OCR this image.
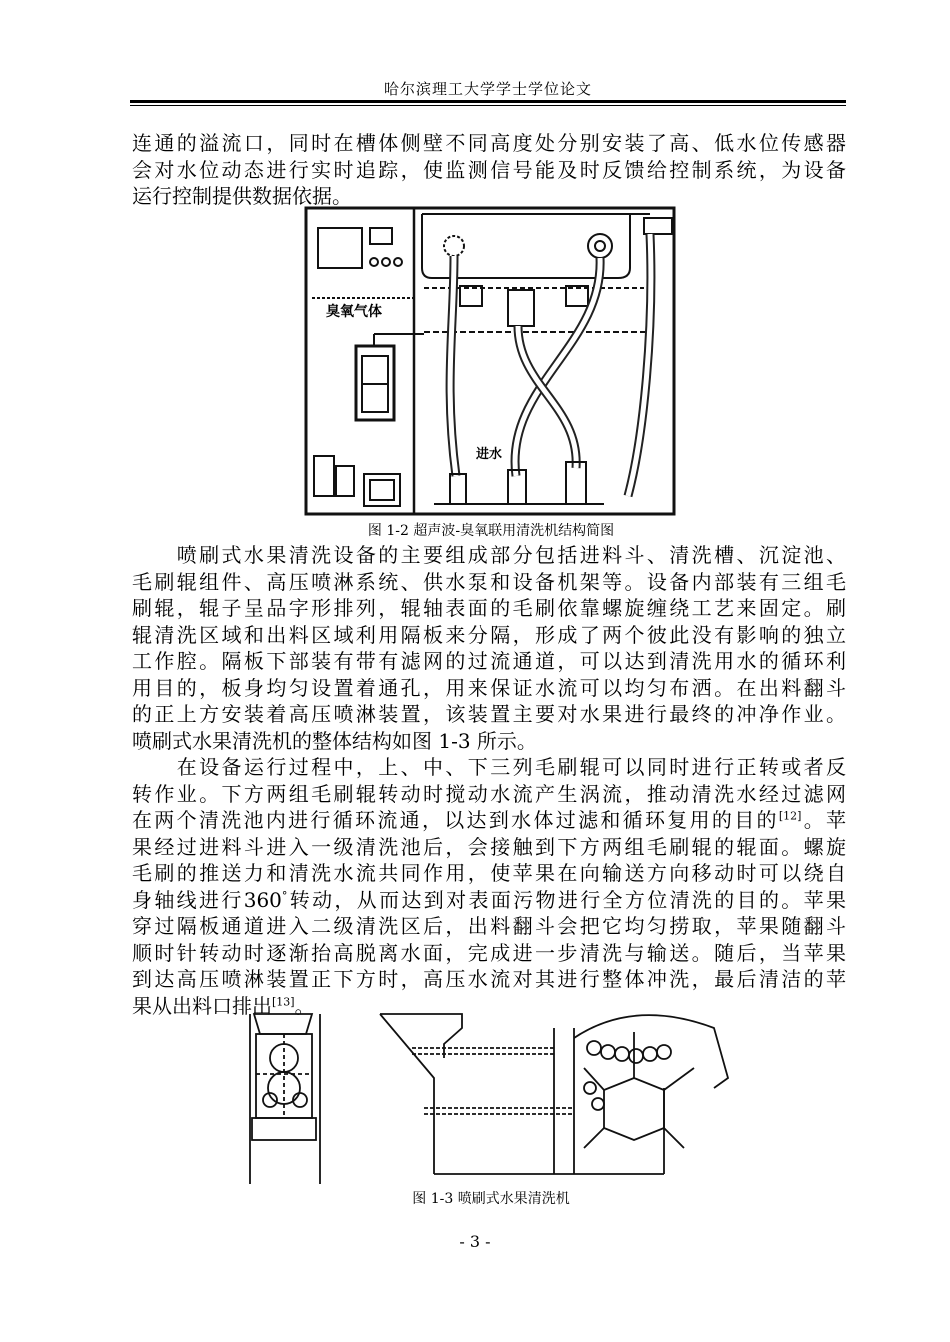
哈尔滨理工大学学士学位论文
连通的溢流口，同时在槽体侧壁不同高度处分别安装了高、低水位传感器
会对水位动态进行实时追踪，使监测信号能及时反馈给控制系统，为设备
运行控制提供数据依据。
臭氧气体
进水
图 1-2 超声波-臭氧联用清洗机结构简图
　　喷刷式水果清洗设备的主要组成部分包括进料斗、清洗槽、沉淀池、
毛刷辊组件、高压喷淋系统、供水泵和设备机架等。设备内部装有三组毛
刷辊，辊子呈品字形排列，辊轴表面的毛刷依靠螺旋缠绕工艺来固定。刷
辊清洗区域和出料区域利用隔板来分隔，形成了两个彼此没有影响的独立
工作腔。隔板下部装有带有滤网的过流通道，可以达到清洗用水的循环利
用目的，板身均匀设置着通孔，用来保证水流可以均匀布洒。在出料翻斗
的正上方安装着高压喷淋装置，该装置主要对水果进行最终的冲净作业。
喷刷式水果清洗机的整体结构如图 1-3 所示。
　　在设备运行过程中，上、中、下三列毛刷辊可以同时进行正转或者反
转作业。下方两组毛刷辊转动时搅动水流产生涡流，推动清洗水经过滤网
在两个清洗池内进行循环流通，以达到水体过滤和循环复用的目的[12]。苹
果经过进料斗进入一级清洗池后，会接触到下方两组毛刷辊的辊面。螺旋
毛刷的推送力和清洗水流共同作用，使苹果在向输送方向移动时可以绕自
身轴线进行360°转动，从而达到对表面污物进行全方位清洗的目的。苹果
穿过隔板通道进入二级清洗区后，出料翻斗会把它均匀捞取，苹果随翻斗
顺时针转动时逐渐抬高脱离水面，完成进一步清洗与输送。随后，当苹果
到达高压喷淋装置正下方时，高压水流对其进行整体冲洗，最后清洁的苹
果从出料口排出[13]。
图 1-3 喷刷式水果清洗机
- 3 -
